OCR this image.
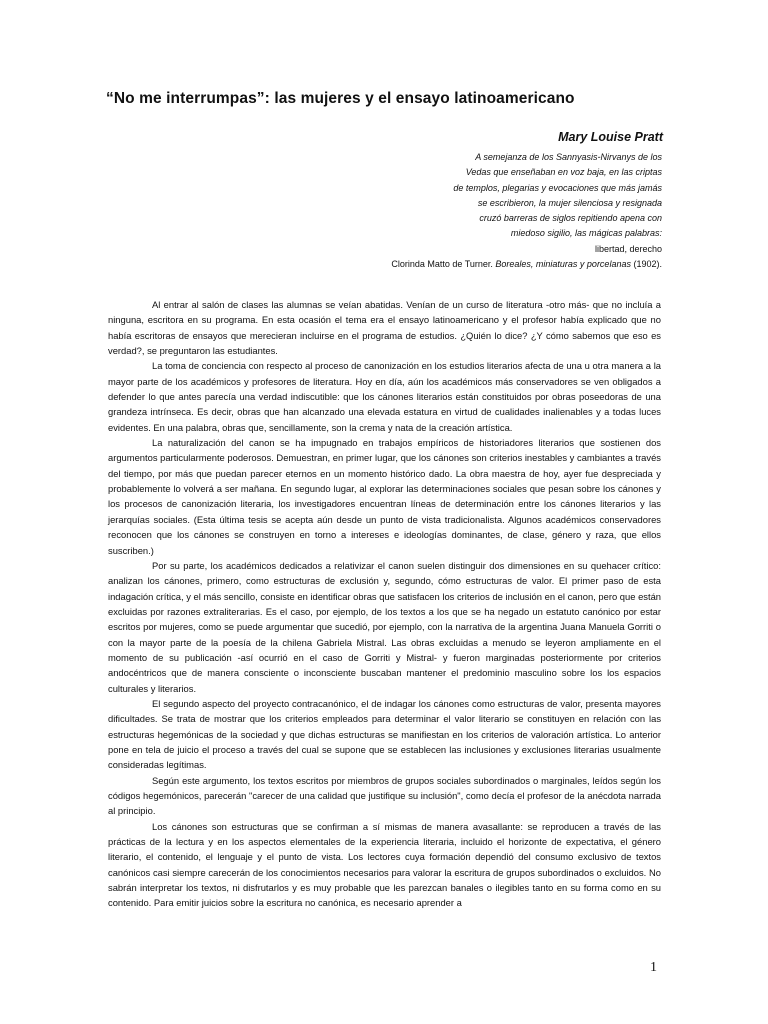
“No me interrumpas”: las mujeres y el ensayo latinoamericano
Mary Louise Pratt
A semejanza de los Sannyasis-Nirvanys de los
Vedas que enseñaban en voz baja, en las criptas
de templos, plegarias y evocaciones que más jamás
se escribieron, la mujer silenciosa y resignada
cruzó barreras de siglos repitiendo apena con
miedoso sigilio, las mágicas palabras:
libertad, derecho
Clorinda Matto de Turner. Boreales, miniaturas y porcelanas (1902).

Al entrar al salón de clases las alumnas se veían abatidas. Venían de un curso de literatura -otro más- que no incluía a ninguna, escritora en su programa. En esta ocasión el tema era el ensayo latinoamericano y el profesor había explicado que no había escritoras de ensayos que merecieran incluirse en el programa de estudios. ¿Quién lo dice? ¿Y cómo sabemos que eso es verdad?, se preguntaron las estudiantes.

La toma de conciencia con respecto al proceso de canonización en los estudios literarios afecta de una u otra manera a la mayor parte de los académicos y profesores de literatura. Hoy en día, aún los académicos más conservadores se ven obligados a defender lo que antes parecía una verdad indiscutible: que los cánones literarios están constituidos por obras poseedoras de una grandeza intrínseca. Es decir, obras que han alcanzado una elevada estatura en virtud de cualidades inalienables y a todas luces evidentes. En una palabra, obras que, sencillamente, son la crema y nata de la creación artística.

La naturalización del canon se ha impugnado en trabajos empíricos de historiadores literarios que sostienen dos argumentos particularmente poderosos. Demuestran, en primer lugar, que los cánones son criterios inestables y cambiantes a través del tiempo, por más que puedan parecer eternos en un momento histórico dado. La obra maestra de hoy, ayer fue despreciada y probablemente lo volverá a ser mañana. En segundo lugar, al explorar las determinaciones sociales que pesan sobre los cánones y los procesos de canonización literaria, los investigadores encuentran líneas de determinación entre los cánones literarios y las jerarquías sociales. (Esta última tesis se acepta aún desde un punto de vista tradicionalista. Algunos académicos conservadores reconocen que los cánones se construyen en torno a intereses e ideologías dominantes, de clase, género y raza, que ellos suscriben.)

Por su parte, los académicos dedicados a relativizar el canon suelen distinguir dos dimensiones en su quehacer crítico: analizan los cánones, primero, como estructuras de exclusión y, segundo, cómo estructuras de valor. El primer paso de esta indagación crítica, y el más sencillo, consiste en identificar obras que satisfacen los criterios de inclusión en el canon, pero que están excluidas por razones extraliterarias. Es el caso, por ejemplo, de los textos a los que se ha negado un estatuto canónico por estar escritos por mujeres, como se puede argumentar que sucedió, por ejemplo, con la narrativa de la argentina Juana Manuela Gorriti o con la mayor parte de la poesía de la chilena Gabriela Mistral. Las obras excluidas a menudo se leyeron ampliamente en el momento de su publicación -así ocurrió en el caso de Gorriti y Mistral- y fueron marginadas posteriormente por criterios andocéntricos que de manera consciente o inconsciente buscaban mantener el predominio masculino sobre los los espacios culturales y literarios.

El segundo aspecto del proyecto contracanónico, el de indagar los cánones como estructuras de valor, presenta mayores dificultades. Se trata de mostrar que los criterios empleados para determinar el valor literario se constituyen en relación con las estructuras hegemónicas de la sociedad y que dichas estructuras se manifiestan en los criterios de valoración artística. Lo anterior pone en tela de juicio el proceso a través del cual se supone que se establecen las inclusiones y exclusiones literarias usualmente consideradas legítimas.

Según este argumento, los textos escritos por miembros de grupos sociales subordinados o marginales, leídos según los códigos hegemónicos, parecerán "carecer de una calidad que justifique su inclusión", como decía el profesor de la anécdota narrada al principio.

Los cánones son estructuras que se confirman a sí mismas de manera avasallante: se reproducen a través de las prácticas de la lectura y en los aspectos elementales de la experiencia literaria, incluido el horizonte de expectativa, el género literario, el contenido, el lenguaje y el punto de vista. Los lectores cuya formación dependió del consumo exclusivo de textos canónicos casi siempre carecerán de los conocimientos necesarios para valorar la escritura de grupos subordinados o excluidos. No sabrán interpretar los textos, ni disfrutarlos y es muy probable que les parezcan banales o ilegibles tanto en su forma como en su contenido. Para emitir juicios sobre la escritura no canónica, es necesario aprender a

1
